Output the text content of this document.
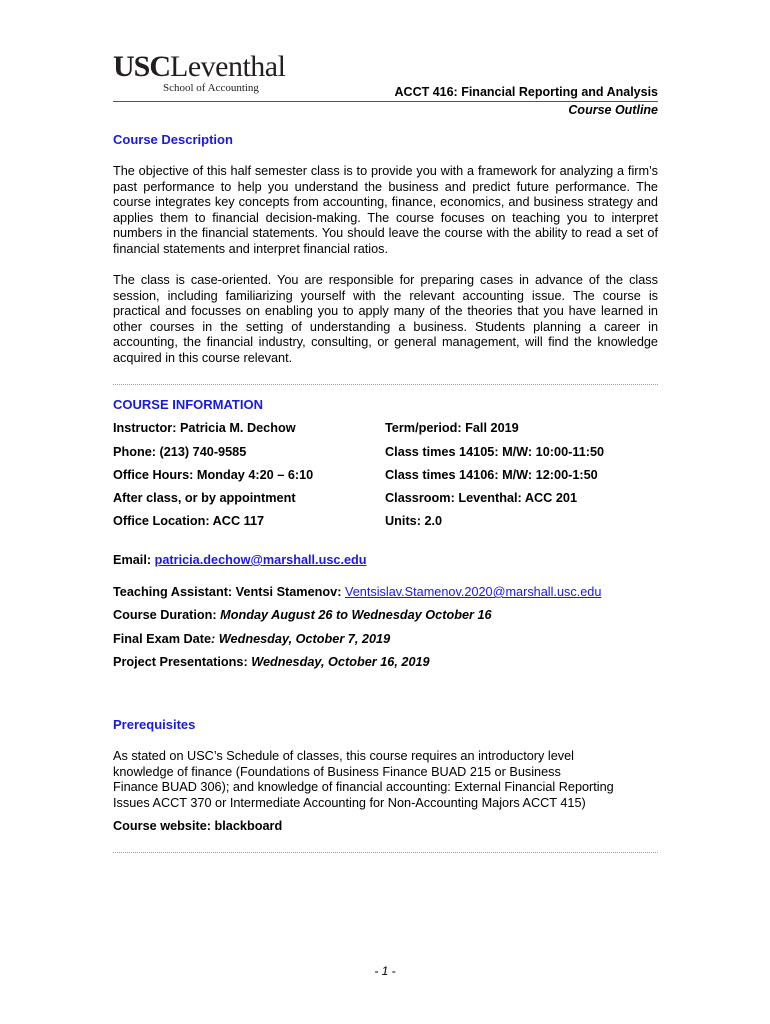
USCLeventhal
School of Accounting	ACCT 416: Financial Reporting and Analysis
Course Outline
Course Description
The objective of this half semester class is to provide you with a framework for analyzing a firm’s past performance to help you understand the business and predict future performance. The course integrates key concepts from accounting, finance, economics, and business strategy and applies them to financial decision-making. The course focuses on teaching you to interpret numbers in the financial statements. You should leave the course with the ability to read a set of financial statements and interpret financial ratios.
The class is case-oriented. You are responsible for preparing cases in advance of the class session, including familiarizing yourself with the relevant accounting issue. The course is practical and focusses on enabling you to apply many of the theories that you have learned in other courses in the setting of understanding a business. Students planning a career in accounting, the financial industry, consulting, or general management, will find the knowledge acquired in this course relevant.
COURSE INFORMATION
Instructor: Patricia M. Dechow
Phone: (213) 740-9585
Office Hours: Monday 4:20 – 6:10
After class, or by appointment
Office Location: ACC 117
Term/period: Fall 2019
Class times 14105: M/W: 10:00-11:50
Class times 14106: M/W: 12:00-1:50
Classroom: Leventhal: ACC 201
Units: 2.0
Email: patricia.dechow@marshall.usc.edu
Teaching Assistant: Ventsi Stamenov: Ventsislav.Stamenov.2020@marshall.usc.edu
Course Duration: Monday August 26 to Wednesday October 16
Final Exam Date: Wednesday, October 7, 2019
Project Presentations: Wednesday, October 16, 2019
Prerequisites
As stated on USC’s Schedule of classes, this course requires an introductory level
knowledge of finance (Foundations of Business Finance BUAD 215 or Business
Finance BUAD 306); and knowledge of financial accounting: External Financial Reporting
Issues ACCT 370 or Intermediate Accounting for Non-Accounting Majors ACCT 415)
Course website: blackboard
- 1 -
